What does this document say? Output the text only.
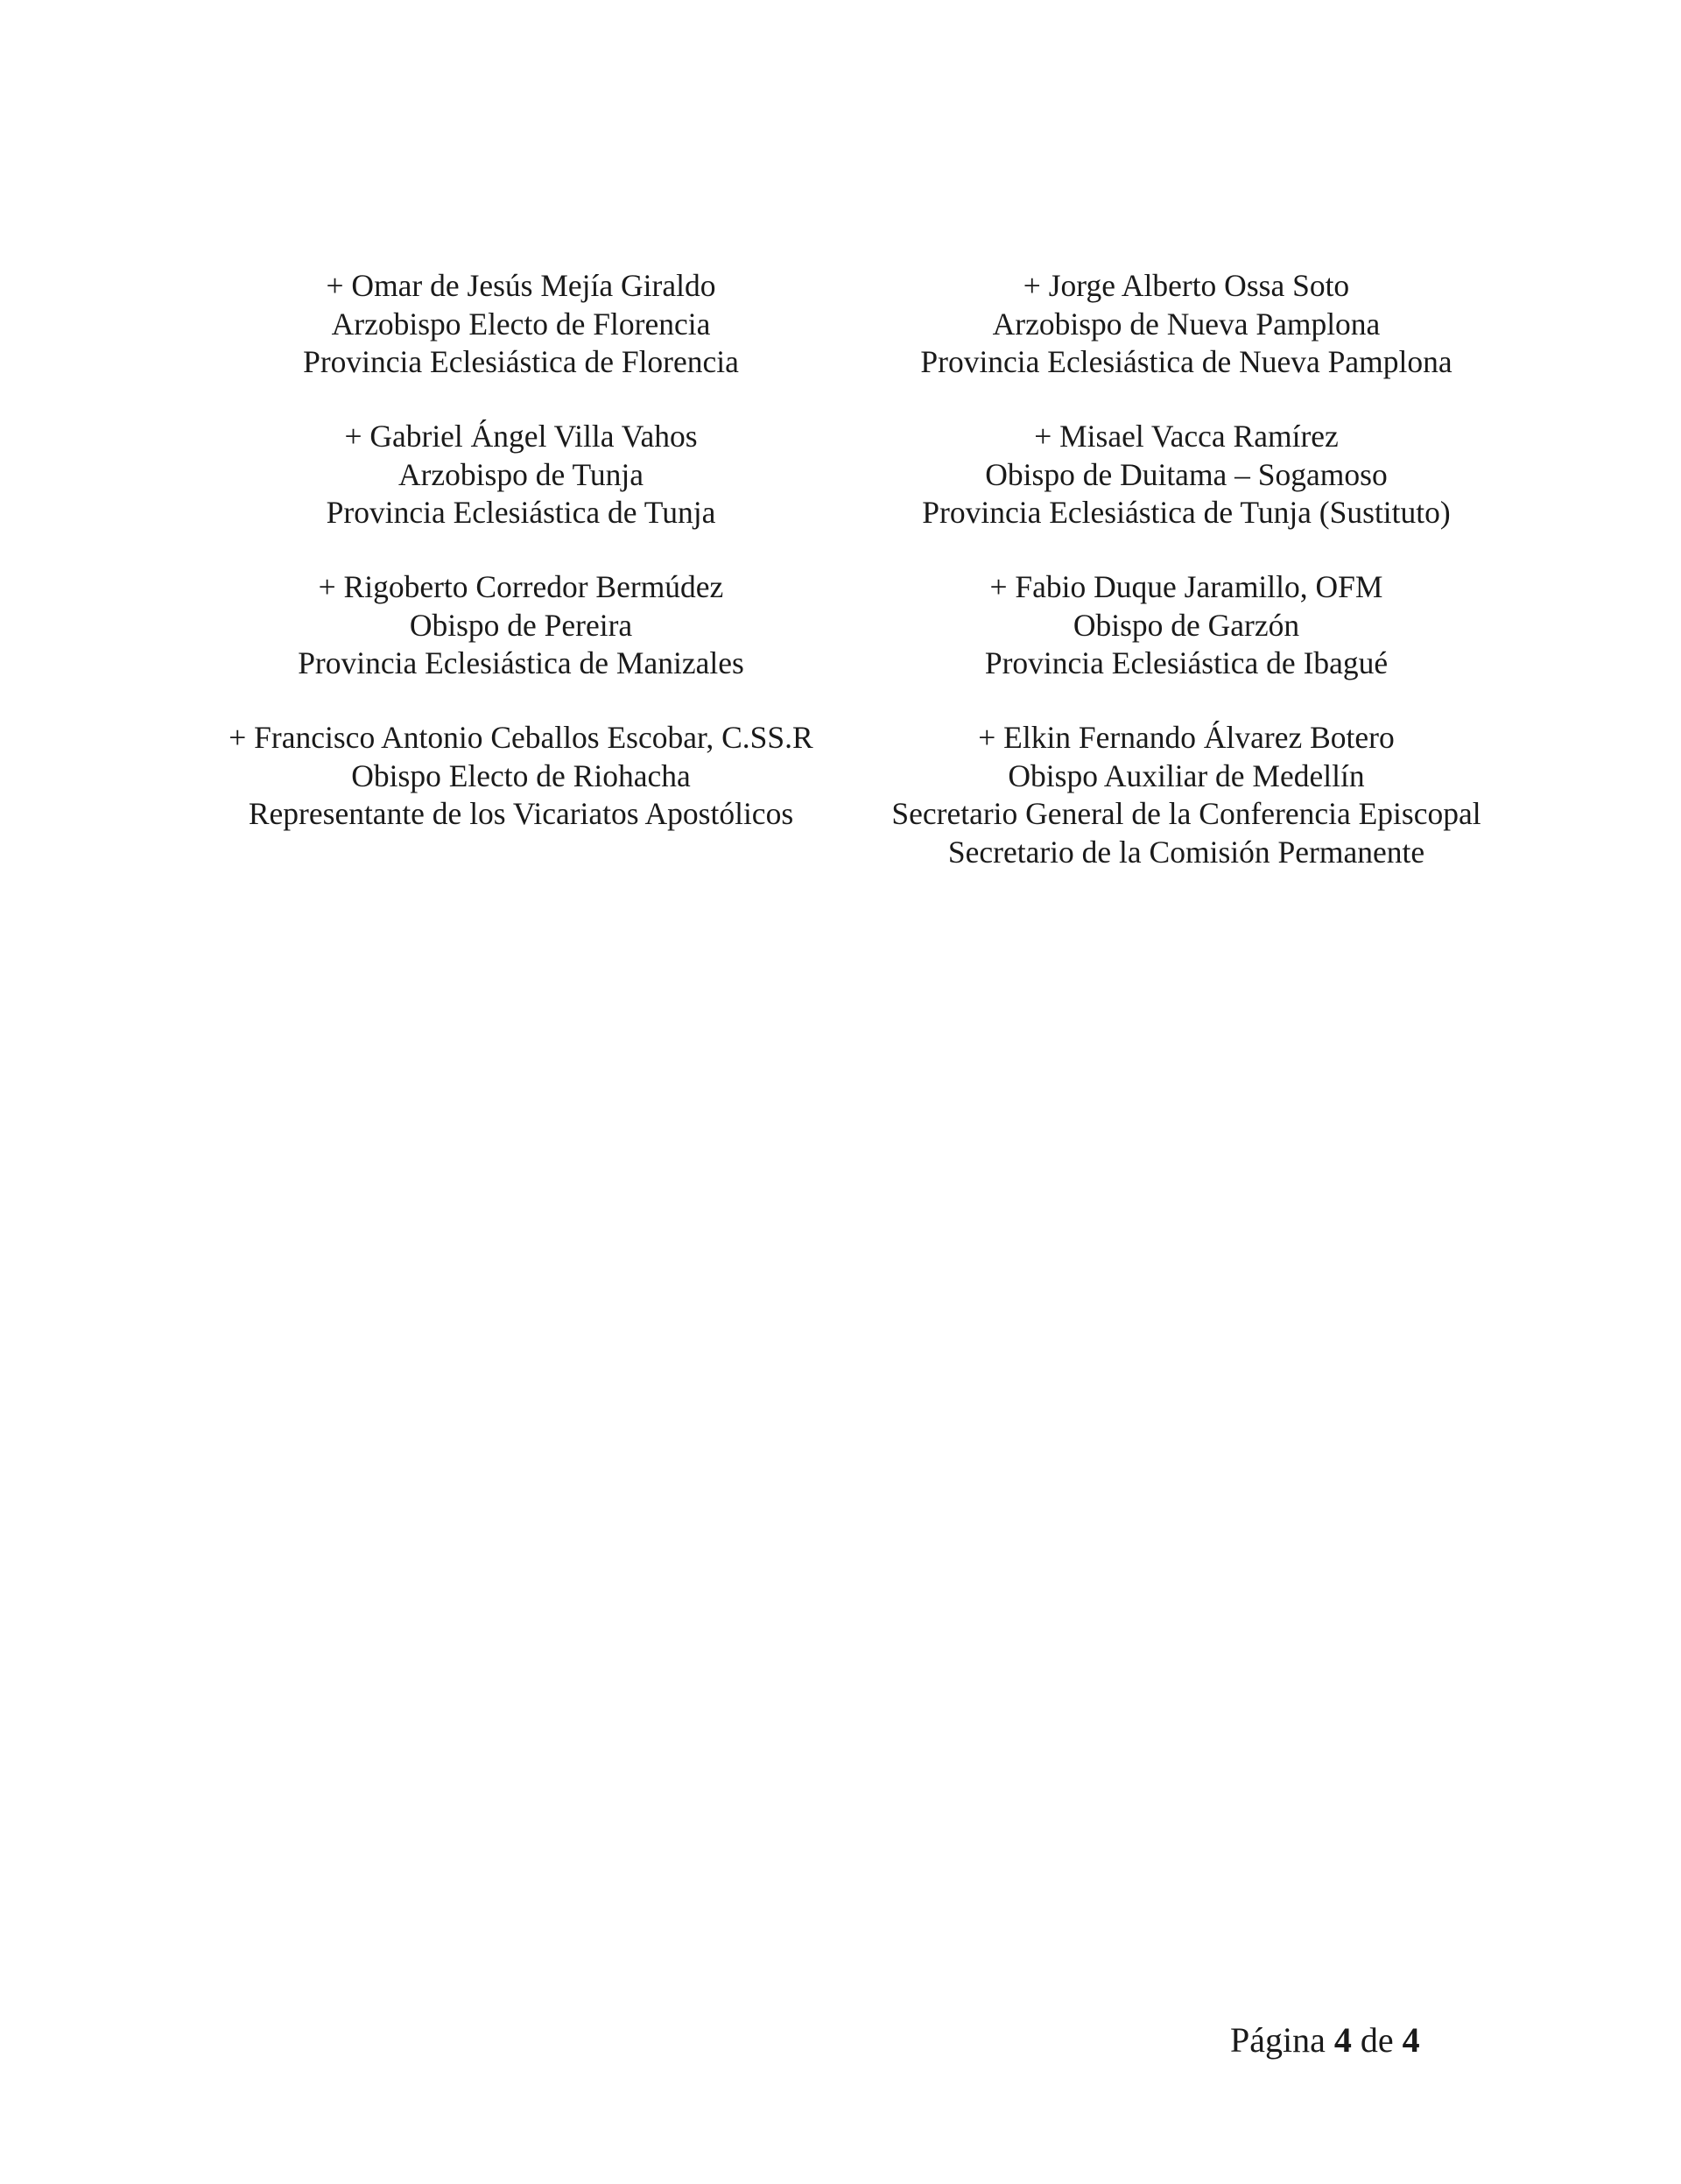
+ Omar de Jesús Mejía Giraldo
Arzobispo Electo de Florencia
Provincia Eclesiástica de Florencia
+ Jorge Alberto Ossa Soto
Arzobispo de Nueva Pamplona
Provincia Eclesiástica de Nueva Pamplona
+ Gabriel Ángel Villa Vahos
Arzobispo de Tunja
Provincia Eclesiástica de Tunja
+ Misael Vacca Ramírez
Obispo de Duitama – Sogamoso
Provincia Eclesiástica de Tunja (Sustituto)
+ Rigoberto Corredor Bermúdez
Obispo de Pereira
Provincia Eclesiástica de Manizales
+ Fabio Duque Jaramillo, OFM
Obispo de Garzón
Provincia Eclesiástica de Ibagué
+ Francisco Antonio Ceballos Escobar, C.SS.R
Obispo Electo de Riohacha
Representante de los Vicariatos Apostólicos
+ Elkin Fernando Álvarez Botero
Obispo Auxiliar de Medellín
Secretario General de la Conferencia Episcopal
Secretario de la Comisión Permanente
Página 4 de 4
